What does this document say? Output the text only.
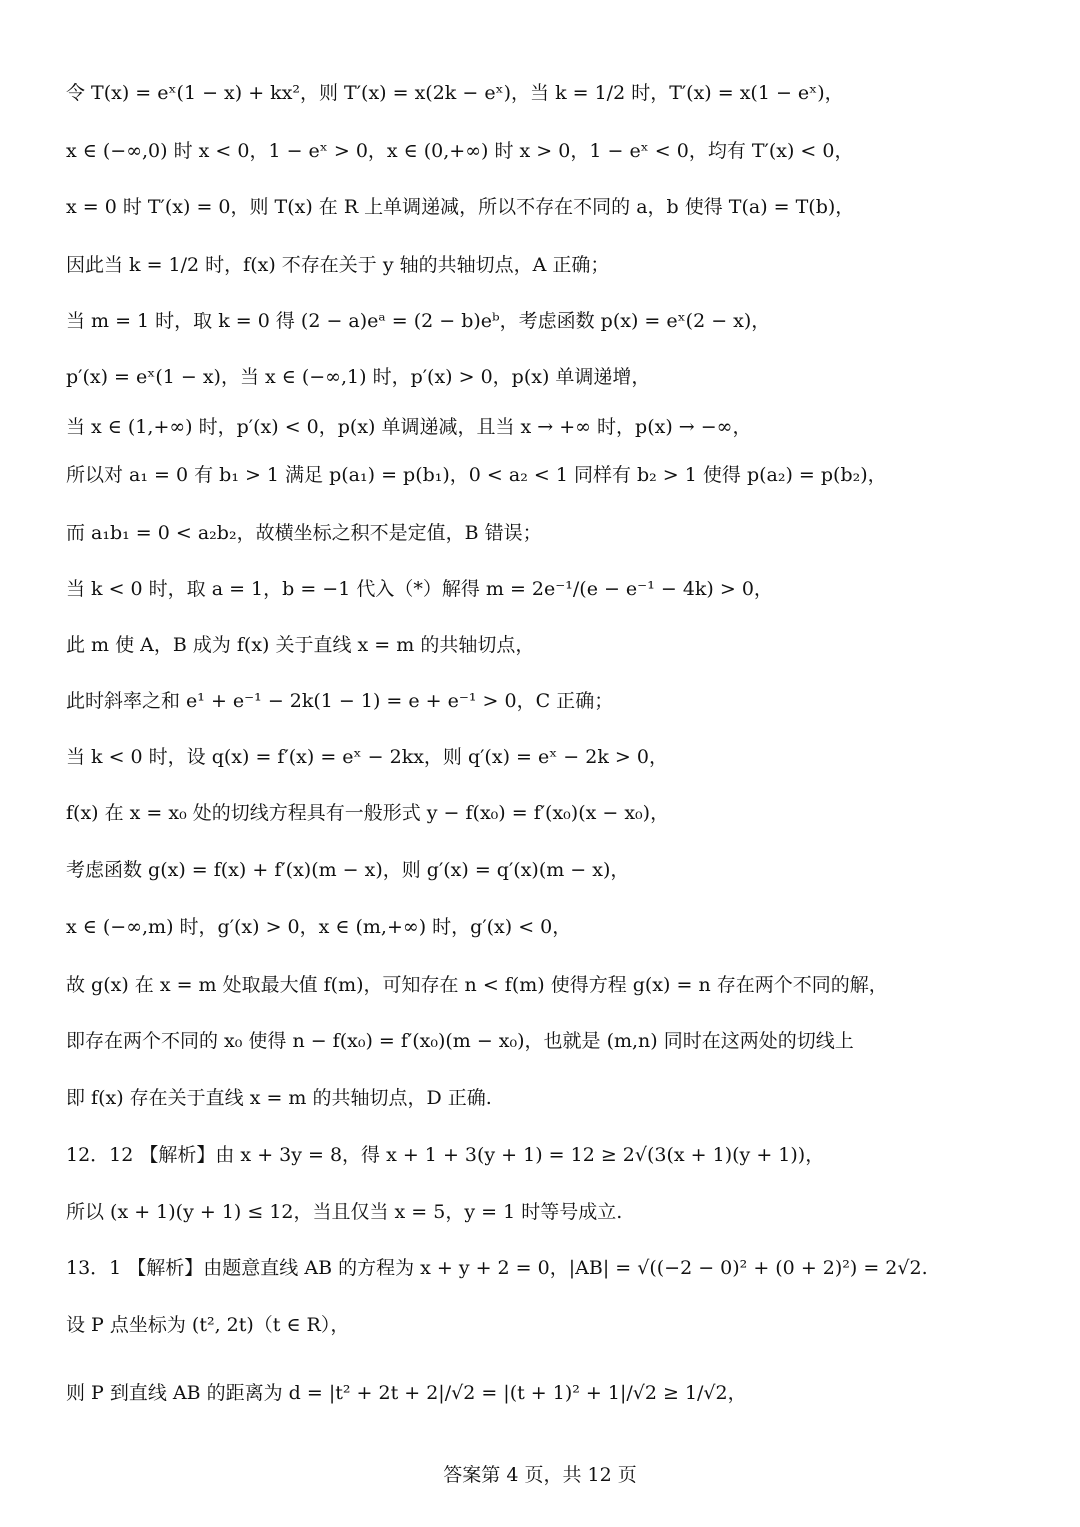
令 T(x) = eˣ(1 − x) + kx²，则 T′(x) = x(2k − eˣ)，当 k = 1/2 时，T′(x) = x(1 − eˣ)，
x ∈ (−∞,0) 时 x < 0，1 − eˣ > 0，x ∈ (0,+∞) 时 x > 0，1 − eˣ < 0，均有 T′(x) < 0，
x = 0 时 T′(x) = 0，则 T(x) 在 R 上单调递减，所以不存在不同的 a，b 使得 T(a) = T(b)，
因此当 k = 1/2 时，f(x) 不存在关于 y 轴的共轴切点，A 正确；
当 m = 1 时，取 k = 0 得 (2 − a)eᵃ = (2 − b)eᵇ，考虑函数 p(x) = eˣ(2 − x)，
p′(x) = eˣ(1 − x)，当 x ∈ (−∞,1) 时，p′(x) > 0，p(x) 单调递增，
当 x ∈ (1,+∞) 时，p′(x) < 0，p(x) 单调递减，且当 x → +∞ 时，p(x) → −∞，
所以对 a₁ = 0 有 b₁ > 1 满足 p(a₁) = p(b₁)，0 < a₂ < 1 同样有 b₂ > 1 使得 p(a₂) = p(b₂)，
而 a₁b₁ = 0 < a₂b₂，故横坐标之积不是定值，B 错误；
当 k < 0 时，取 a = 1，b = −1 代入（*）解得 m = 2e⁻¹/(e − e⁻¹ − 4k) > 0，
此 m 使 A，B 成为 f(x) 关于直线 x = m 的共轴切点，
此时斜率之和 e¹ + e⁻¹ − 2k(1 − 1) = e + e⁻¹ > 0，C 正确；
当 k < 0 时，设 q(x) = f′(x) = eˣ − 2kx，则 q′(x) = eˣ − 2k > 0，
f(x) 在 x = x₀ 处的切线方程具有一般形式 y − f(x₀) = f′(x₀)(x − x₀)，
考虑函数 g(x) = f(x) + f′(x)(m − x)，则 g′(x) = q′(x)(m − x)，
x ∈ (−∞,m) 时，g′(x) > 0，x ∈ (m,+∞) 时，g′(x) < 0，
故 g(x) 在 x = m 处取最大值 f(m)，可知存在 n < f(m) 使得方程 g(x) = n 存在两个不同的解，
即存在两个不同的 x₀ 使得 n − f(x₀) = f′(x₀)(m − x₀)，也就是 (m,n) 同时在这两处的切线上
即 f(x) 存在关于直线 x = m 的共轴切点，D 正确.
12．12 【解析】由 x + 3y = 8，得 x + 1 + 3(y + 1) = 12 ≥ 2√(3(x + 1)(y + 1))，
所以 (x + 1)(y + 1) ≤ 12，当且仅当 x = 5，y = 1 时等号成立.
13．1 【解析】由题意直线 AB 的方程为 x + y + 2 = 0，|AB| = √((−2 − 0)² + (0 + 2)²) = 2√2.
设 P 点坐标为 (t², 2t)（t ∈ R），
则 P 到直线 AB 的距离为 d = |t² + 2t + 2|/√2 = |(t + 1)² + 1|/√2 ≥ 1/√2，
答案第 4 页，共 12 页
